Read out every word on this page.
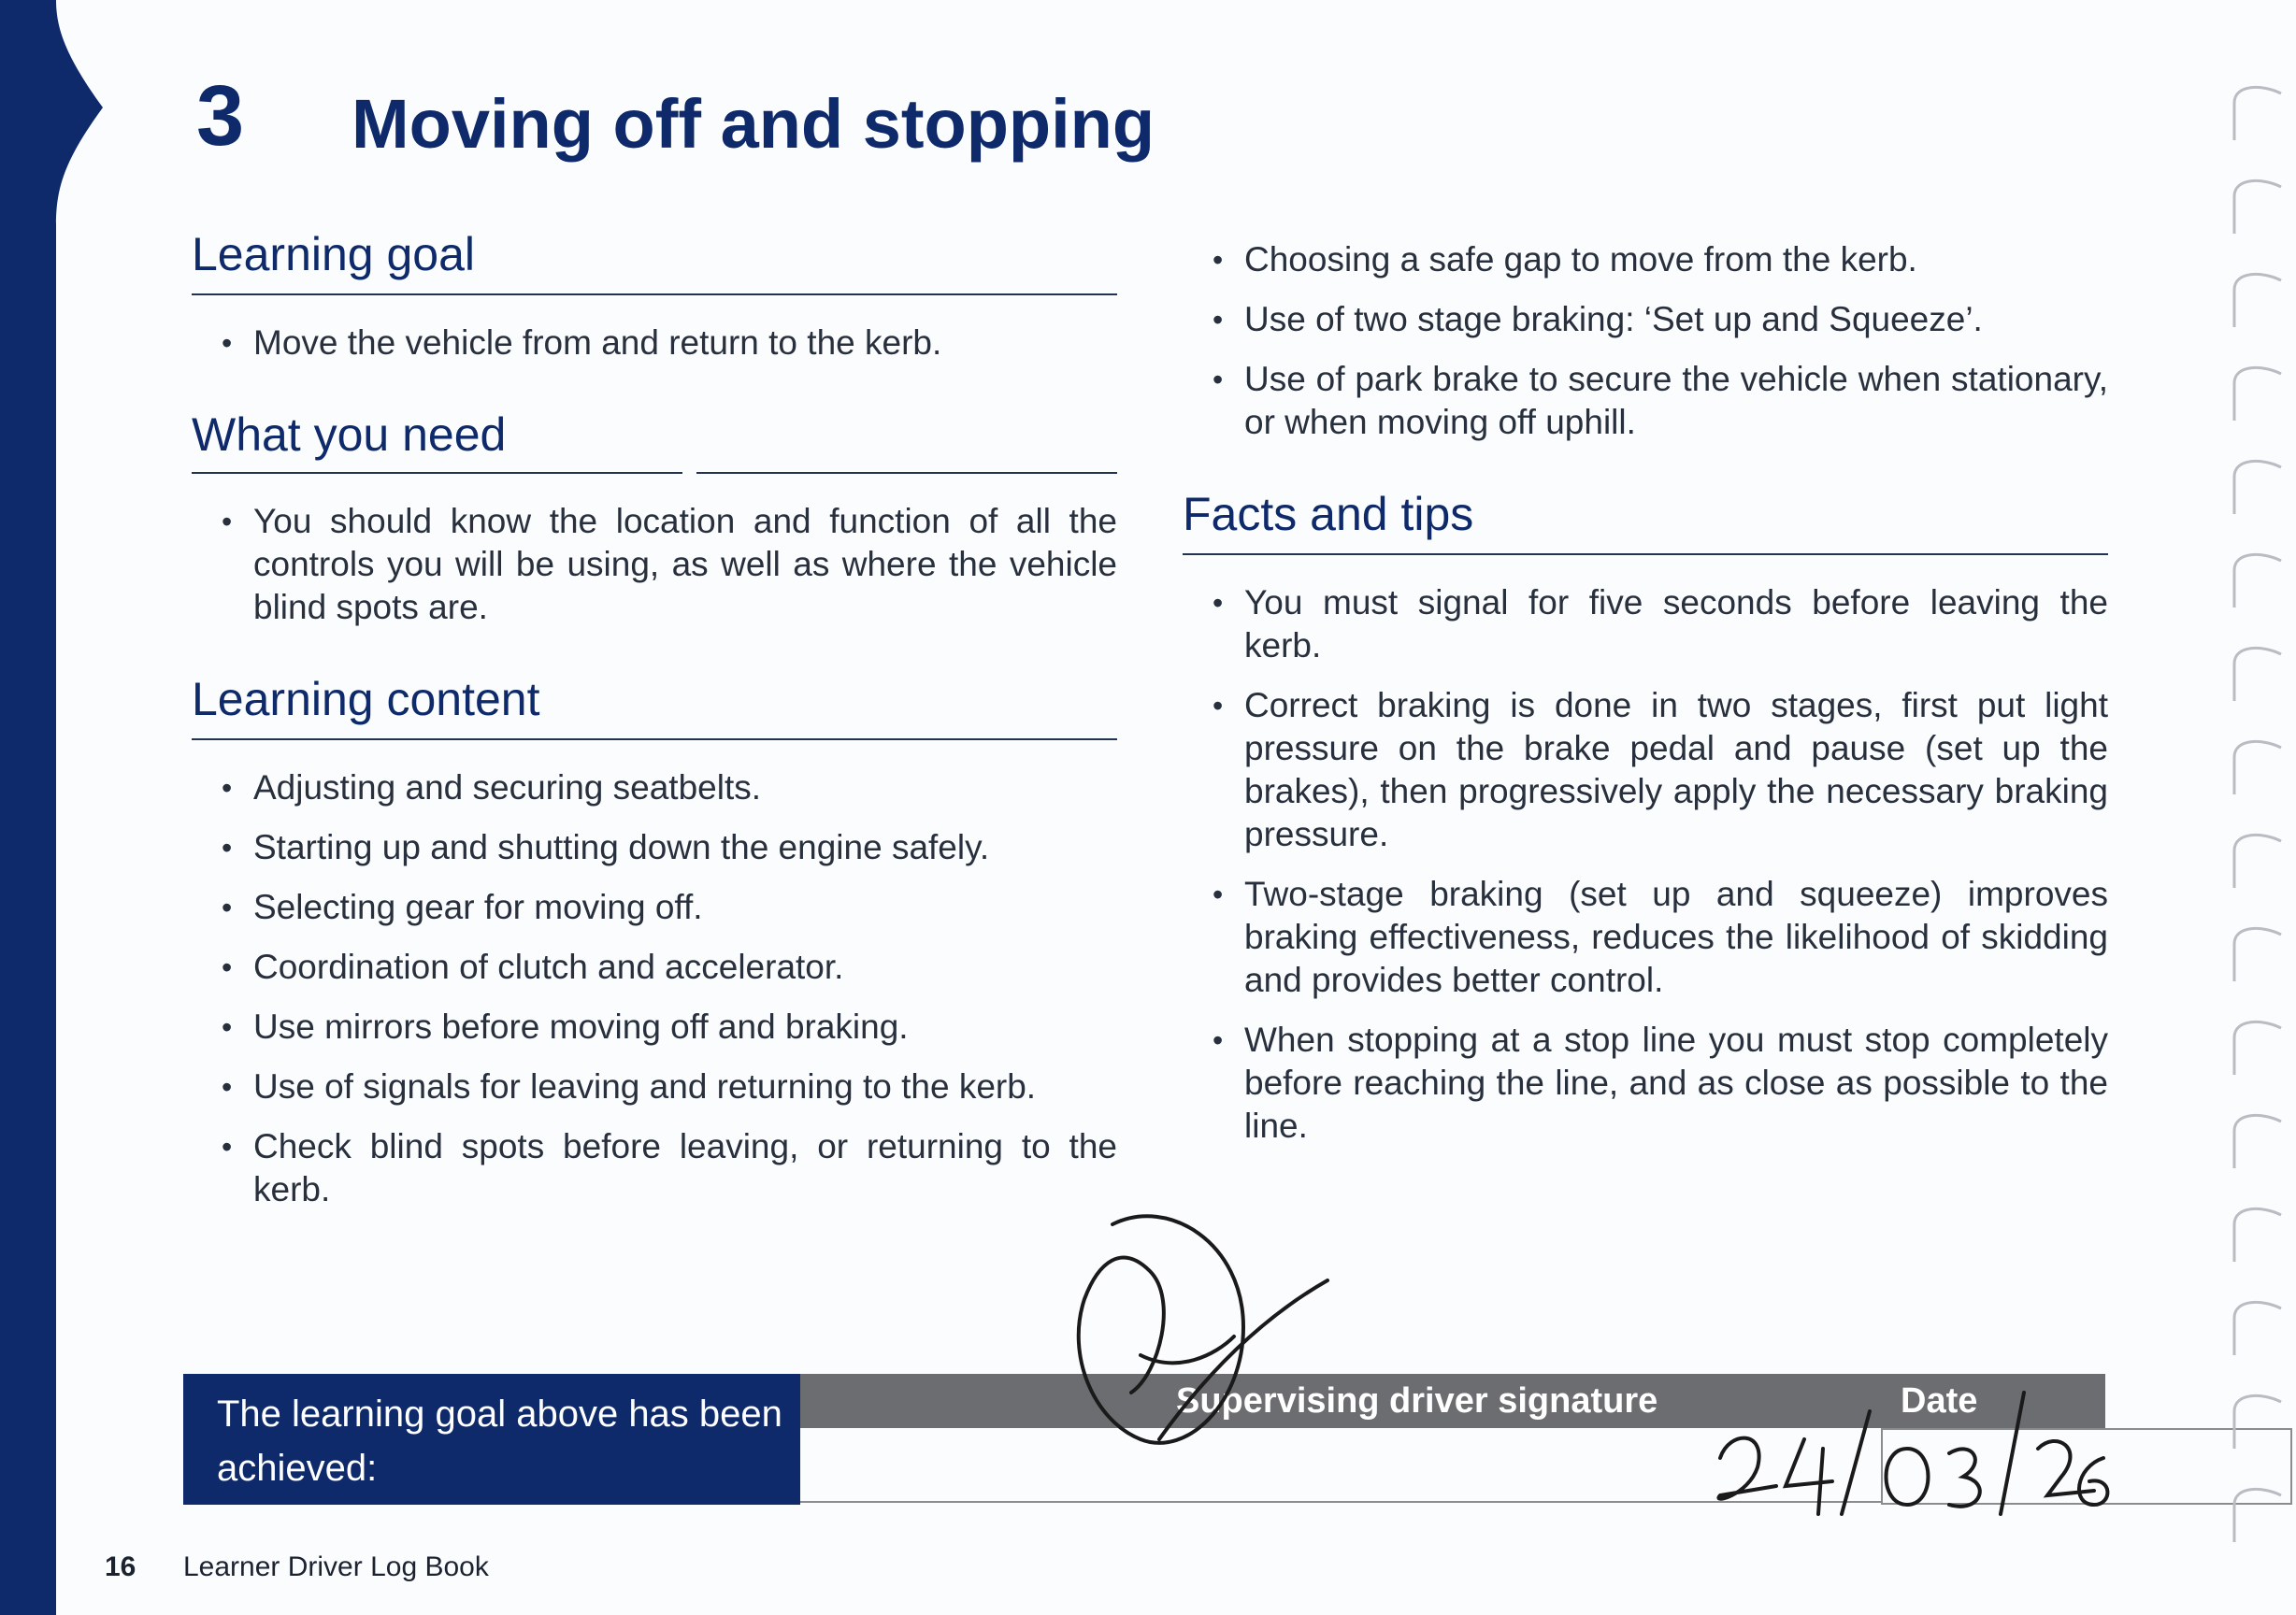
3 Moving off and stopping
Learning goal
• Move the vehicle from and return to the kerb.
What you need
• You should know the location and function of all the controls you will be using, as well as where the vehicle blind spots are.
Learning content
• Adjusting and securing seatbelts.
• Starting up and shutting down the engine safely.
• Selecting gear for moving off.
• Coordination of clutch and accelerator.
• Use mirrors before moving off and braking.
• Use of signals for leaving and returning to the kerb.
• Check blind spots before leaving, or returning to the kerb.
• Choosing a safe gap to move from the kerb.
• Use of two stage braking: ‘Set up and Squeeze’.
• Use of park brake to secure the vehicle when stationary, or when moving off uphill.
Facts and tips
• You must signal for five seconds before leaving the kerb.
• Correct braking is done in two stages, first put light pressure on the brake pedal and pause (set up the brakes), then progressively apply the necessary braking pressure.
• Two-stage braking (set up and squeeze) improves braking effectiveness, reduces the likelihood of skidding and provides better control.
• When stopping at a stop line you must stop completely before reaching the line, and as close as possible to the line.
The learning goal above has been achieved:
Supervising driver signature	Date
16 Learner Driver Log Book
